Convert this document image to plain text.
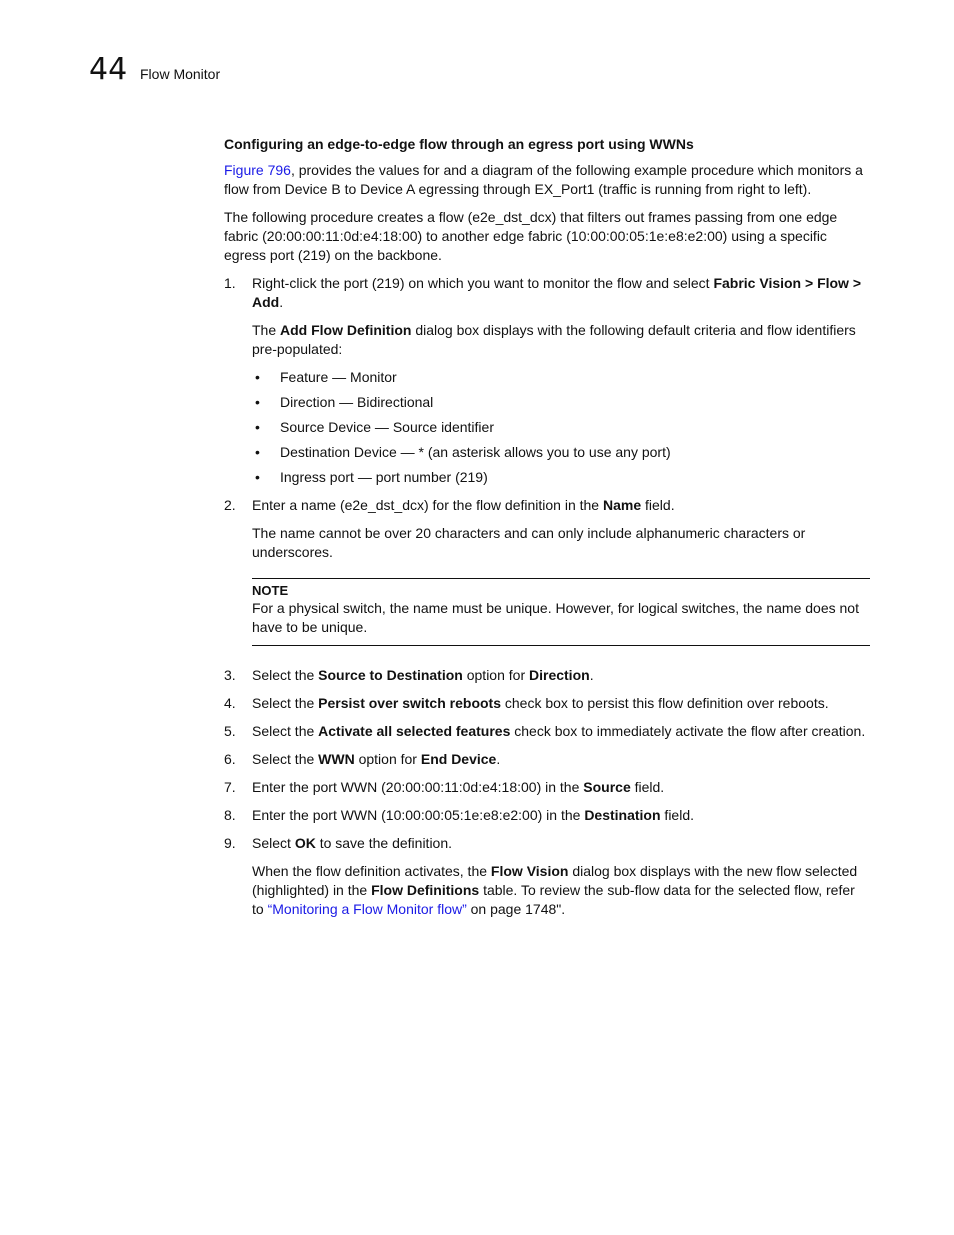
44 Flow Monitor
Configuring an edge-to-edge flow through an egress port using WWNs

Figure 796, provides the values for and a diagram of the following example procedure which monitors a flow from Device B to Device A egressing through EX_Port1 (traffic is running from right to left).

The following procedure creates a flow (e2e_dst_dcx) that filters out frames passing from one edge fabric (20:00:00:11:0d:e4:18:00) to another edge fabric (10:00:00:05:1e:e8:e2:00) using a specific egress port (219) on the backbone.

1. Right-click the port (219) on which you want to monitor the flow and select Fabric Vision > Flow > Add.
The Add Flow Definition dialog box displays with the following default criteria and flow identifiers pre-populated:
• Feature — Monitor
• Direction — Bidirectional
• Source Device — Source identifier
• Destination Device — * (an asterisk allows you to use any port)
• Ingress port — port number (219)
2. Enter a name (e2e_dst_dcx) for the flow definition in the Name field.
The name cannot be over 20 characters and can only include alphanumeric characters or underscores.
NOTE
For a physical switch, the name must be unique. However, for logical switches, the name does not have to be unique.
3. Select the Source to Destination option for Direction.
4. Select the Persist over switch reboots check box to persist this flow definition over reboots.
5. Select the Activate all selected features check box to immediately activate the flow after creation.
6. Select the WWN option for End Device.
7. Enter the port WWN (20:00:00:11:0d:e4:18:00) in the Source field.
8. Enter the port WWN (10:00:00:05:1e:e8:e2:00) in the Destination field.
9. Select OK to save the definition.
When the flow definition activates, the Flow Vision dialog box displays with the new flow selected (highlighted) in the Flow Definitions table. To review the sub-flow data for the selected flow, refer to “Monitoring a Flow Monitor flow” on page 1748".
